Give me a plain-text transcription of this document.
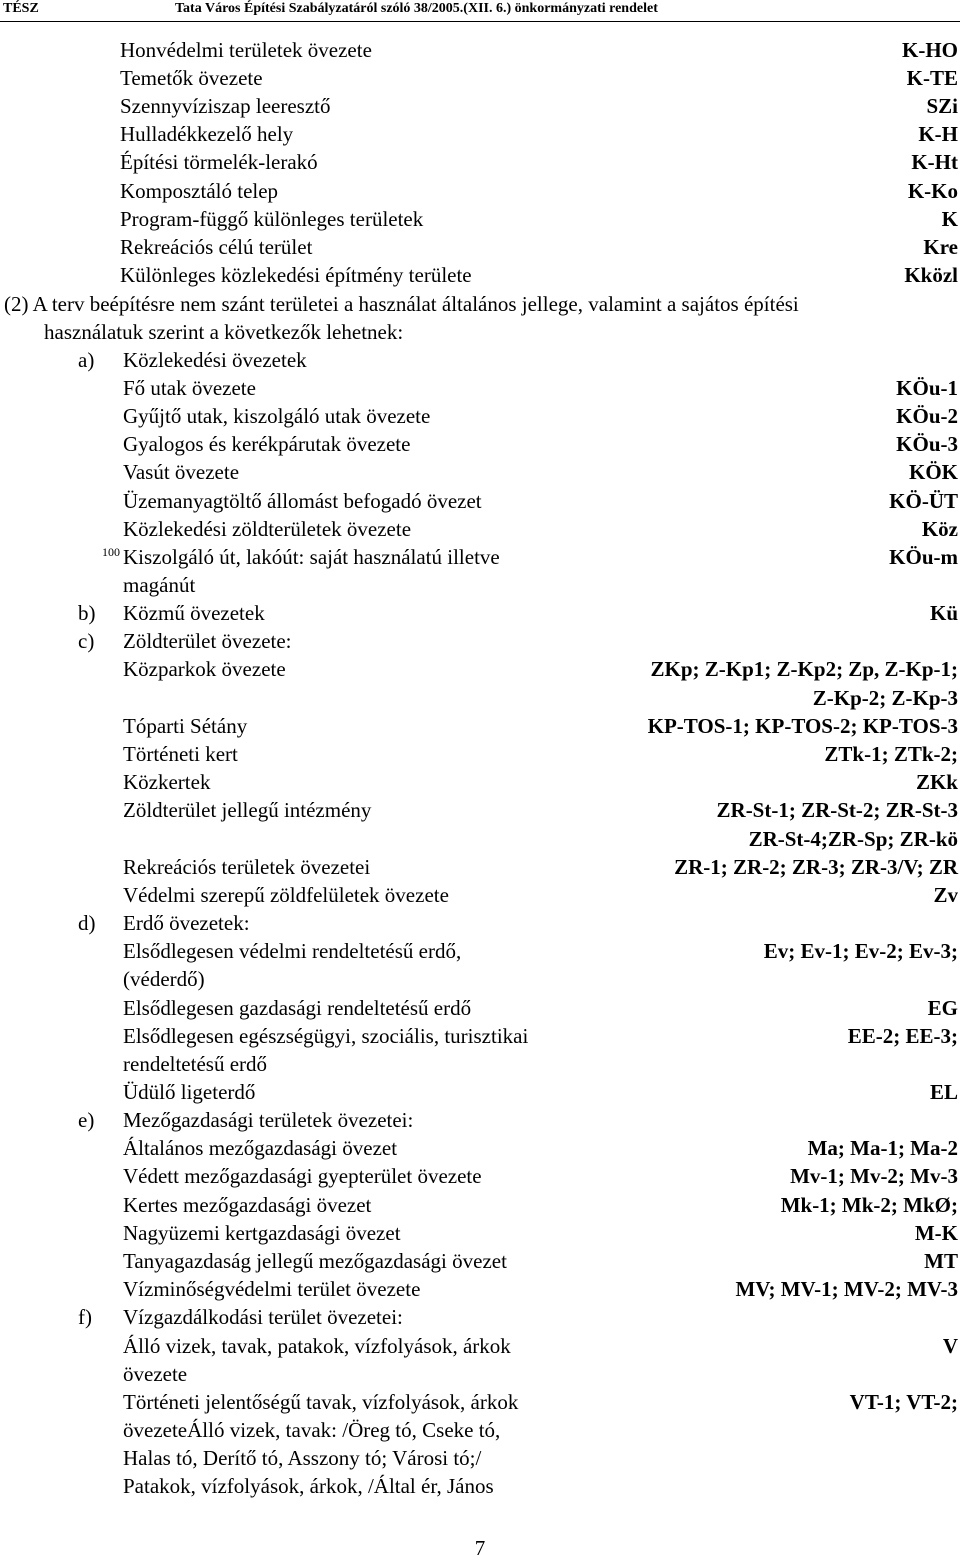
TÉSZ	Tata Város Építési Szabályzatáról szóló 38/2005.(XII. 6.) önkormányzati rendelet
Honvédelmi területek övezete	K-HO
Temetők övezete	K-TE
Szennyvíziszap leeresztő	SZi
Hulladékkezelő hely	K-H
Építési törmelék-lerakó	K-Ht
Komposztáló telep	K-Ko
Program-függő különleges területek	K
Rekreációs célú terület	Kre
Különleges közlekedési építmény területe	Kközl
(2) A terv beépítésre nem szánt területei a használat általános jellege, valamint a sajátos építési
használatuk szerint a következők lehetnek:
a) Közlekedési övezetek
Fő utak övezete	KÖu-1
Gyűjtő utak, kiszolgáló utak övezete	KÖu-2
Gyalogos és kerékpárutak övezete	KÖu-3
Vasút övezete	KÖK
Üzemanyagtöltő állomást befogadó övezet	KÖ-ÜT
Közlekedési zöldterületek övezete	Köz
100 Kiszolgáló út, lakóút: saját használatú illetve	KÖu-m
magánút
b) Közmű övezetek	Kü
c) Zöldterület övezete:
Közparkok övezete	ZKp; Z-Kp1; Z-Kp2; Zp, Z-Kp-1;
Z-Kp-2; Z-Kp-3
Tóparti Sétány	KP-TOS-1; KP-TOS-2; KP-TOS-3
Történeti kert	ZTk-1; ZTk-2;
Közkertek	ZKk
Zöldterület jellegű intézmény	ZR-St-1; ZR-St-2; ZR-St-3
ZR-St-4;ZR-Sp; ZR-kö
Rekreációs területek övezetei	ZR-1; ZR-2; ZR-3; ZR-3/V; ZR
Védelmi szerepű zöldfelületek övezete	Zv
d) Erdő övezetek:
Elsődlegesen védelmi rendeltetésű erdő,	Ev; Ev-1; Ev-2; Ev-3;
(véderdő)
Elsődlegesen gazdasági rendeltetésű erdő	EG
Elsődlegesen egészségügyi, szociális, turisztikai	EE-2; EE-3;
rendeltetésű erdő
Üdülő ligeterdő	EL
e) Mezőgazdasági területek övezetei:
Általános mezőgazdasági övezet	Ma; Ma-1; Ma-2
Védett mezőgazdasági gyepterület övezete	Mv-1; Mv-2; Mv-3
Kertes mezőgazdasági övezet	Mk-1; Mk-2; MkØ;
Nagyüzemi kertgazdasági övezet	M-K
Tanyagazdaság jellegű mezőgazdasági övezet	MT
Vízminőségvédelmi terület övezete	MV; MV-1; MV-2; MV-3
f) Vízgazdálkodási terület övezetei:
Álló vizek, tavak, patakok, vízfolyások, árkok	V
övezete
Történeti jelentőségű tavak, vízfolyások, árkok	VT-1; VT-2;
övezeteÁlló vizek, tavak: /Öreg tó, Cseke tó,
Halas tó, Derítő tó, Asszony tó; Városi tó;/
Patakok, vízfolyások, árkok, /Által ér, János
7
